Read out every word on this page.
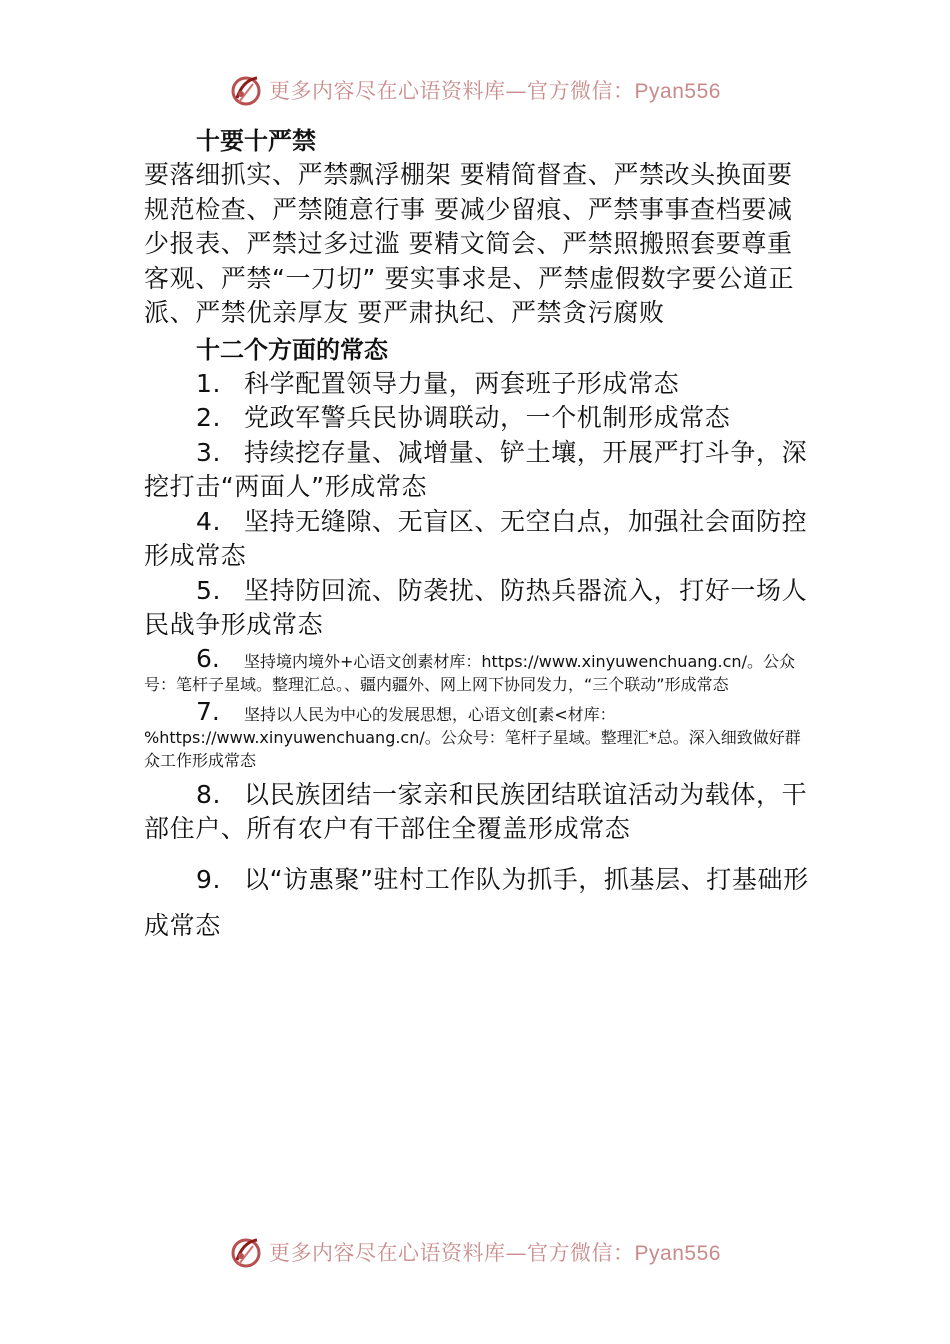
更多内容尽在心语资料库—官方微信：Pyan556

十要十严禁

要落细抓实、严禁飘浮棚架 要精简督查、严禁改头换面要规范检查、严禁随意行事 要减少留痕、严禁事事查档要减少报表、严禁过多过滥 要精文简会、严禁照搬照套要尊重客观、严禁“一刀切” 要实事求是、严禁虚假数字要公道正派、严禁优亲厚友 要严肃执纪、严禁贪污腐败

十二个方面的常态

1. 科学配置领导力量，两套班子形成常态

2. 党政军警兵民协调联动，一个机制形成常态

3. 持续挖存量、减增量、铲土壤，开展严打斗争，深挖打击“两面人”形成常态

4. 坚持无缝隙、无盲区、无空白点，加强社会面防控形成常态

5. 坚持防回流、防袭扰、防热兵器流入，打好一场人民战争形成常态

6. 坚持境内境外+心语文创素材库：https://www.xinyuwenchuang.cn/。公众号：笔杆子星域。整理汇总。、疆内疆外、网上网下协同发力，“三个联动”形成常态

7. 坚持以人民为中心的发展思想，心语文创[素<材库：%https://www.xinyuwenchuang.cn/。公众号：笔杆子星域。整理汇*总。深入细致做好群众工作形成常态

8. 以民族团结一家亲和民族团结联谊活动为载体，干部住户、所有农户有干部住全覆盖形成常态

9. 以“访惠聚”驻村工作队为抓手，抓基层、打基础形成常态

更多内容尽在心语资料库—官方微信：Pyan556
